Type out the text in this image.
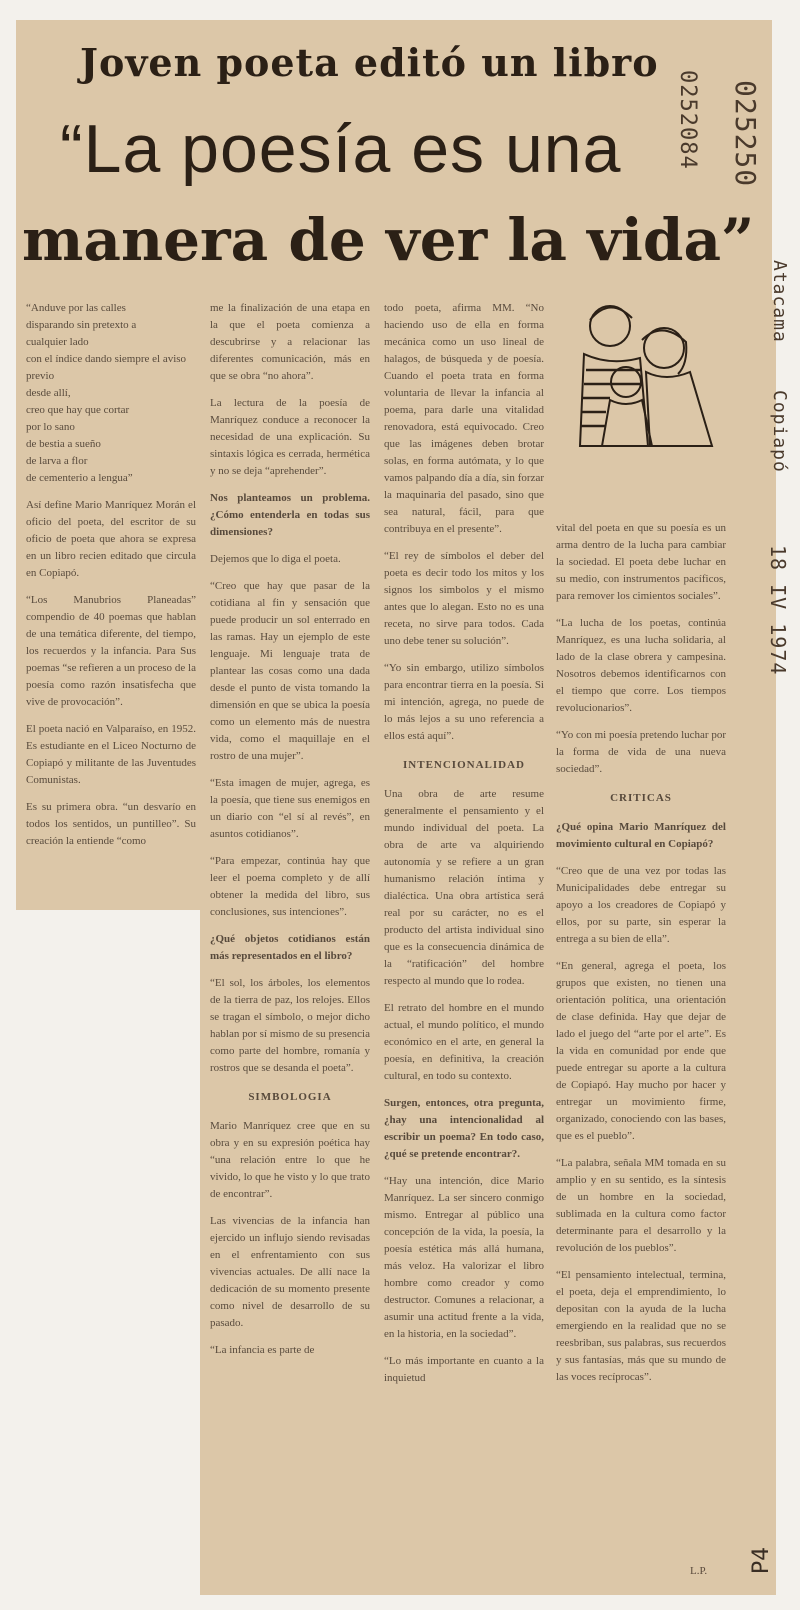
Joven poeta editó un libro
“La poesía es una
manera de ver la vida”
0252084 025250
Atacama
Copiapó
18 IV 1974

“Anduve por las calles
disparando sin pretexto a
cualquier lado
con el índice dando siempre el aviso previo
desde allí,
creo que hay que cortar
por lo sano
de bestia a sueño
de larva a flor
de cementerio a lengua”

Así define Mario Manríquez Morán el oficio del poeta, del escritor de su oficio de poeta que ahora se expresa en un libro recien editado que circula en Copiapó.

“Los Manubrios Planeadas” compendio de 40 poemas que hablan de una temática diferente, del tiempo, los recuerdos y la infancia. Para Sus poemas “se refieren a un proceso de la poesía como razón insatisfecha que vive de provocación”.

El poeta nació en Valparaíso, en 1952. Es estudiante en el Liceo Nocturno de Copiapó y militante de las Juventudes Comunistas.

Es su primera obra. “un desvarío en todos los sentidos, un puntilleo”. Su creación la entiende “como

me la finalización de una etapa en la que el poeta comienza a descubrirse y a relacionar las diferentes comunicación, más en que se obra “no ahora”.

La lectura de la poesía de Manríquez conduce a reconocer la necesidad de una explicación. Su sintaxis lógica es cerrada, hermética y no se deja “aprehender”.

Nos planteamos un problema. ¿Cómo entenderla en todas sus dimensiones?

Dejemos que lo diga el poeta.

“Creo que hay que pasar de la cotidiana al fin y sensación que puede producir un sol enterrado en las ramas. Hay un ejemplo de este lenguaje. Mi lenguaje trata de plantear las cosas como una dada desde el punto de vista tomando la dimensión en que se ubica la poesía como un elemento más de nuestra vida, como el maquillaje en el rostro de una mujer”.

“Esta imagen de mujer, agrega, es la poesía, que tiene sus enemigos en un diario con “el sí al revés”, en asuntos cotidianos”.

“Para empezar, continúa hay que leer el poema completo y de allí obtener la medida del libro, sus conclusiones, sus intenciones”.

¿Qué objetos cotidianos están más representados en el libro?

“El sol, los árboles, los elementos de la tierra de paz, los relojes. Ellos se tragan el símbolo, o mejor dicho hablan por sí mismo de su presencia como parte del hombre, romanía y rostros que se desanda el poeta”.

SIMBOLOGIA

Mario Manríquez cree que en su obra y en su expresión poética hay “una relación entre lo que he vivido, lo que he visto y lo que trato de encontrar”.

Las vivencias de la infancia han ejercido un influjo siendo revisadas en el enfrentamiento con sus vivencias actuales. De allí nace la dedicación de su momento presente como nivel de desarrollo de su pasado.

“La infancia es parte de

todo poeta, afirma MM. “No haciendo uso de ella en forma mecánica como un uso lineal de halagos, de búsqueda y de poesía. Cuando el poeta trata en forma voluntaria de llevar la infancia al poema, para darle una vitalidad renovadora, está equivocado. Creo que las imágenes deben brotar solas, en forma autómata, y lo que vamos palpando día a día, sin forzar la maquinaria del pasado, sino que sea natural, fácil, para que contribuya en el presente”.

“El rey de símbolos el deber del poeta es decir todo los mitos y los signos los simbolos y el mismo antes que lo alegan. Esto no es una receta, no sirve para todos. Cada uno debe tener su solución”.

“Yo sin embargo, utilizo símbolos para encontrar tierra en la poesía. Si mi intención, agrega, no puede de lo más lejos a su uno referencia a ellos está aquí”.

INTENCIONALIDAD

Una obra de arte resume generalmente el pensamiento y el mundo individual del poeta. La obra de arte va alquiriendo autonomía y se refiere a un gran humanismo relación íntima y dialéctica. Una obra artística será real por su carácter, no es el producto del artista individual sino que es la consecuencia dinámica de la “ratificación” del hombre respecto al mundo que lo rodea.

El retrato del hombre en el mundo actual, el mundo político, el mundo económico en el arte, en general la poesía, en definitiva, la creación cultural, en todo su contexto.

Surgen, entonces, otra pregunta, ¿hay una intencionalidad al escribir un poema? En todo caso, ¿qué se pretende encontrar?.

“Hay una intención, dice Mario Manríquez. La ser sincero conmigo mismo. Entregar al público una concepción de la vida, la poesía, la poesía estética más allá humana, más veloz. Ha valorizar el libro hombre como creador y como destructor. Comunes a relacionar, a asumir una actitud frente a la vida, en la historia, en la sociedad”.

“Lo más importante en cuanto a la inquietud

vital del poeta en que su poesía es un arma dentro de la lucha para cambiar la sociedad. El poeta debe luchar en su medio, con instrumentos pacíficos, para remover los cimientos sociales”.

“La lucha de los poetas, continúa Manríquez, es una lucha solidaria, al lado de la clase obrera y campesina. Nosotros debemos identificarnos con el tiempo que corre. Los tiempos revolucionarios”.

“Yo con mi poesía pretendo luchar por la forma de vida de una nueva sociedad”.

CRITICAS

¿Qué opina Mario Manríquez del movimiento cultural en Copiapó?

“Creo que de una vez por todas las Municipalidades debe entregar su apoyo a los creadores de Copiapó y ellos, por su parte, sin esperar la entrega a su bien de ella”.

“En general, agrega el poeta, los grupos que existen, no tienen una orientación política, una orientación de clase definida. Hay que dejar de lado el juego del “arte por el arte”. Es la vida en comunidad por ende que puede entregar su aporte a la cultura de Copiapó. Hay mucho por hacer y entregar un movimiento firme, organizado, conociendo con las bases, que es el pueblo”.

“La palabra, señala MM tomada en su amplio y en su sentido, es la síntesis de un hombre en la sociedad, sublimada en la cultura como factor determinante para el desarrollo y la revolución de los pueblos”.

“El pensamiento intelectual, termina, el poeta, deja el emprendimiento, lo depositan con la ayuda de la lucha emergiendo en la realidad que no se reesbriban, sus palabras, sus recuerdos y sus fantasías, más que su mundo de las voces recíprocas”.

L.P. P4
